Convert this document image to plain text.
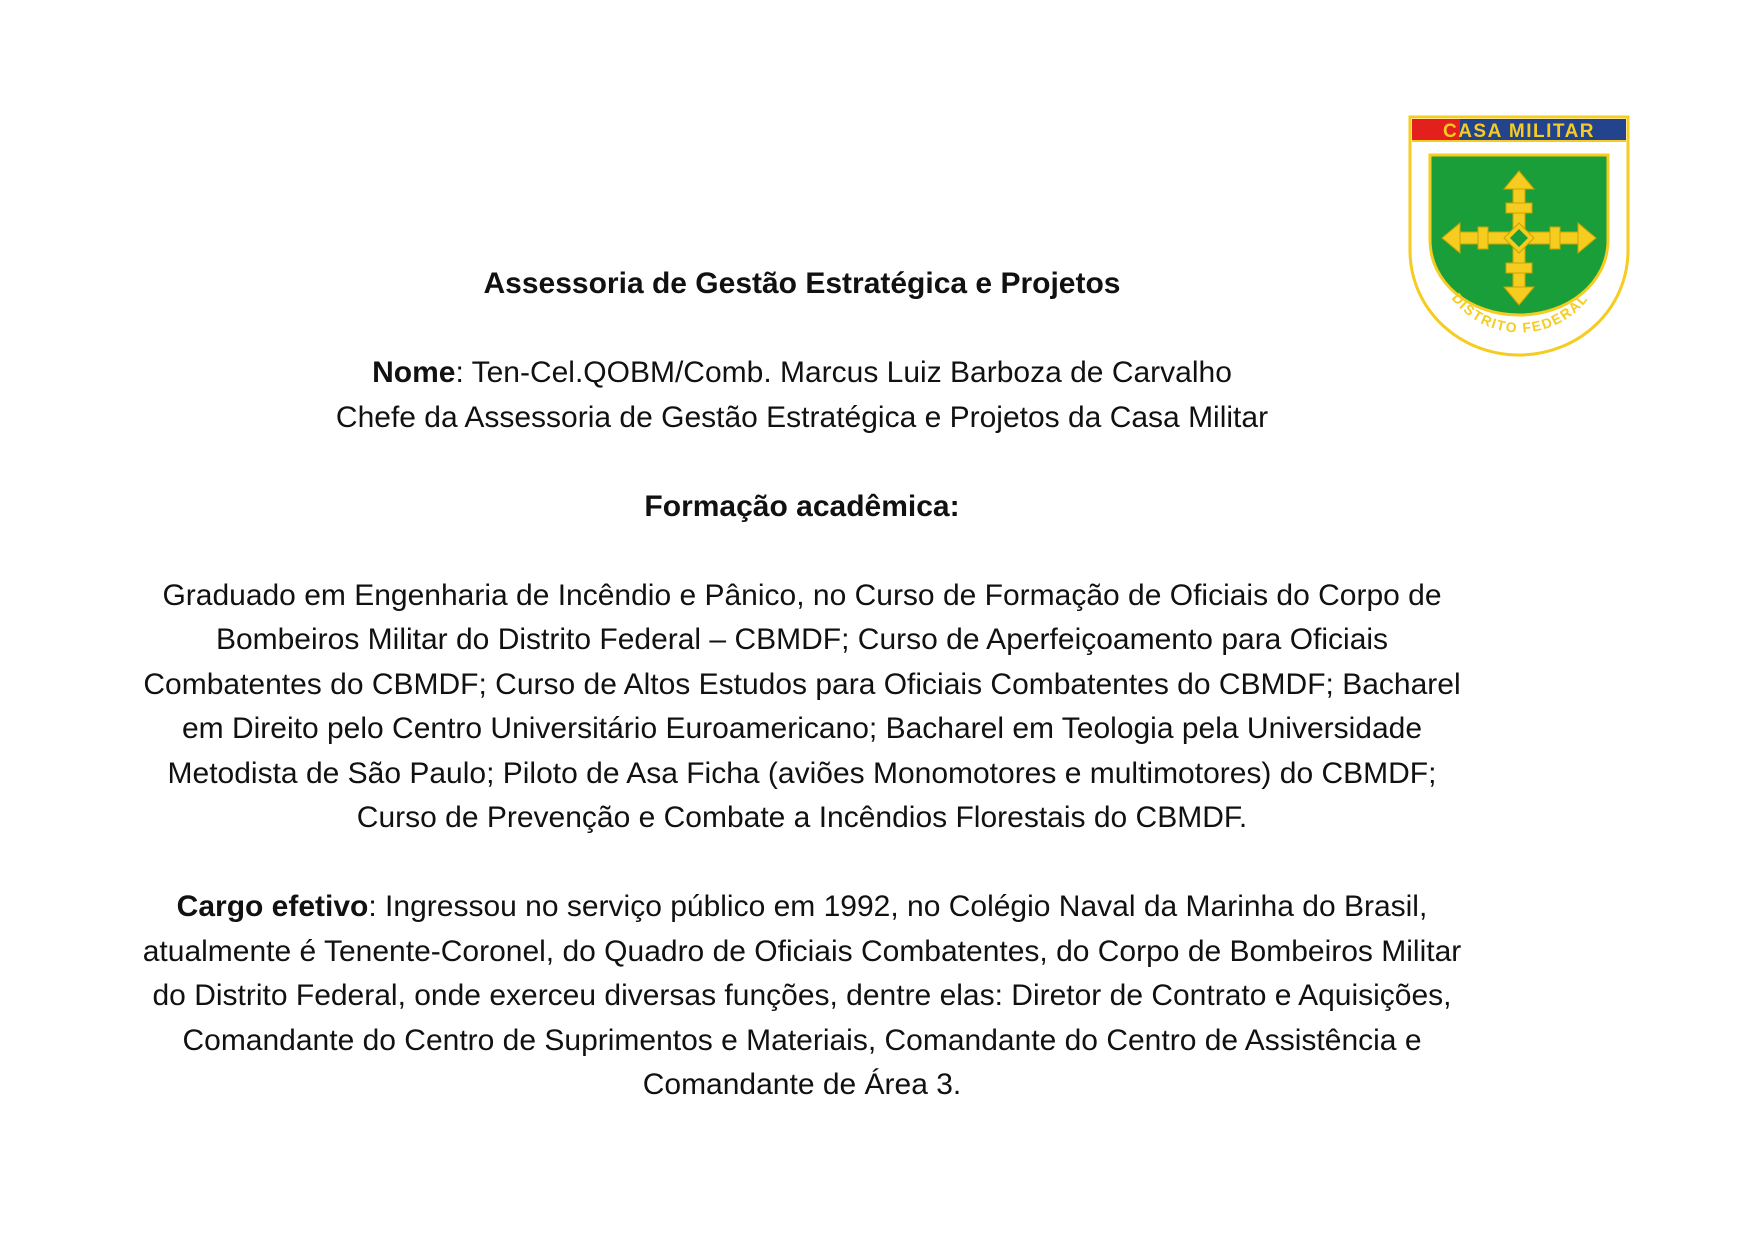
CASA MILITAR
DISTRITO FEDERAL

Assessoria de Gestão Estratégica e Projetos

Nome: Ten-Cel.QOBM/Comb. Marcus Luiz Barboza de Carvalho

Chefe da Assessoria de Gestão Estratégica e Projetos da Casa Militar

Formação acadêmica:

Graduado em Engenharia de Incêndio e Pânico, no Curso de Formação de Oficiais do Corpo de

Bombeiros Militar do Distrito Federal – CBMDF; Curso de Aperfeiçoamento para Oficiais

Combatentes do CBMDF; Curso de Altos Estudos para Oficiais Combatentes do CBMDF; Bacharel

em Direito pelo Centro Universitário Euroamericano; Bacharel em Teologia pela Universidade

Metodista de São Paulo; Piloto de Asa Ficha (aviões Monomotores e multimotores) do CBMDF;

Curso de Prevenção e Combate a Incêndios Florestais do CBMDF.

Cargo efetivo: Ingressou no serviço público em 1992, no Colégio Naval da Marinha do Brasil,

atualmente é Tenente-Coronel, do Quadro de Oficiais Combatentes, do Corpo de Bombeiros Militar

do Distrito Federal, onde exerceu diversas funções, dentre elas: Diretor de Contrato e Aquisições,

Comandante do Centro de Suprimentos e Materiais, Comandante do Centro de Assistência e

Comandante de Área 3.
